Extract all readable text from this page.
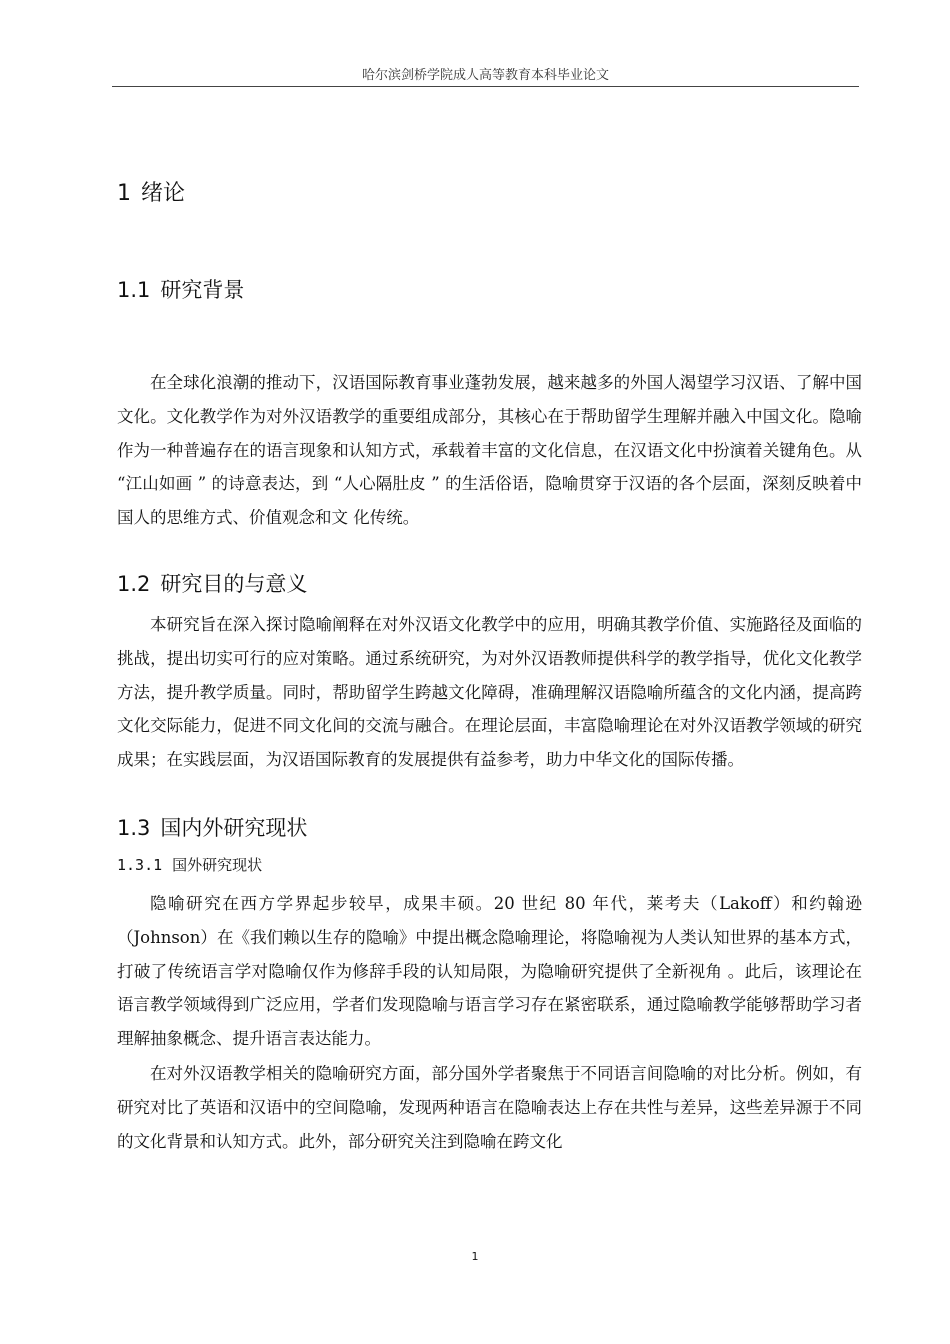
哈尔滨剑桥学院成人高等教育本科毕业论文
1 绪论
1.1 研究背景

在全球化浪潮的推动下，汉语国际教育事业蓬勃发展，越来越多的外国人渴望学习汉语、了解中国文化。文化教学作为对外汉语教学的重要组成部分，其核心在于帮助留学生理解并融入中国文化。隐喻作为一种普遍存在的语言现象和认知方式，承载着丰富的文化信息，在汉语文化中扮演着关键角色。从 “江山如画 ” 的诗意表达，到 “人心隔肚皮 ” 的生活俗语，隐喻贯穿于汉语的各个层面，深刻反映着中国人的思维方式、价值观念和文 化传统。

1.2 研究目的与意义

本研究旨在深入探讨隐喻阐释在对外汉语文化教学中的应用，明确其教学价值、实施路径及面临的挑战，提出切实可行的应对策略。通过系统研究，为对外汉语教师提供科学的教学指导，优化文化教学方法，提升教学质量。同时，帮助留学生跨越文化障碍，准确理解汉语隐喻所蕴含的文化内涵，提高跨文化交际能力，促进不同文化间的交流与融合。在理论层面，丰富隐喻理论在对外汉语教学领域的研究成果；在实践层面，为汉语国际教育的发展提供有益参考，助力中华文化的国际传播。

1.3 国内外研究现状
1.3.1 国外研究现状

隐喻研究在西方学界起步较早，成果丰硕。20 世纪 80 年代，莱考夫（Lakoff）和约翰逊（Johnson）在《我们赖以生存的隐喻》中提出概念隐喻理论，将隐喻视为人类认知世界的基本方式，打破了传统语言学对隐喻仅作为修辞手段的认知局限，为隐喻研究提供了全新视角 。此后，该理论在语言教学领域得到广泛应用，学者们发现隐喻与语言学习存在紧密联系，通过隐喻教学能够帮助学习者理解抽象概念、提升语言表达能力。

在对外汉语教学相关的隐喻研究方面，部分国外学者聚焦于不同语言间隐喻的对比分析。例如，有研究对比了英语和汉语中的空间隐喻，发现两种语言在隐喻表达上存在共性与差异，这些差异源于不同的文化背景和认知方式。此外，部分研究关注到隐喻在跨文化

1
